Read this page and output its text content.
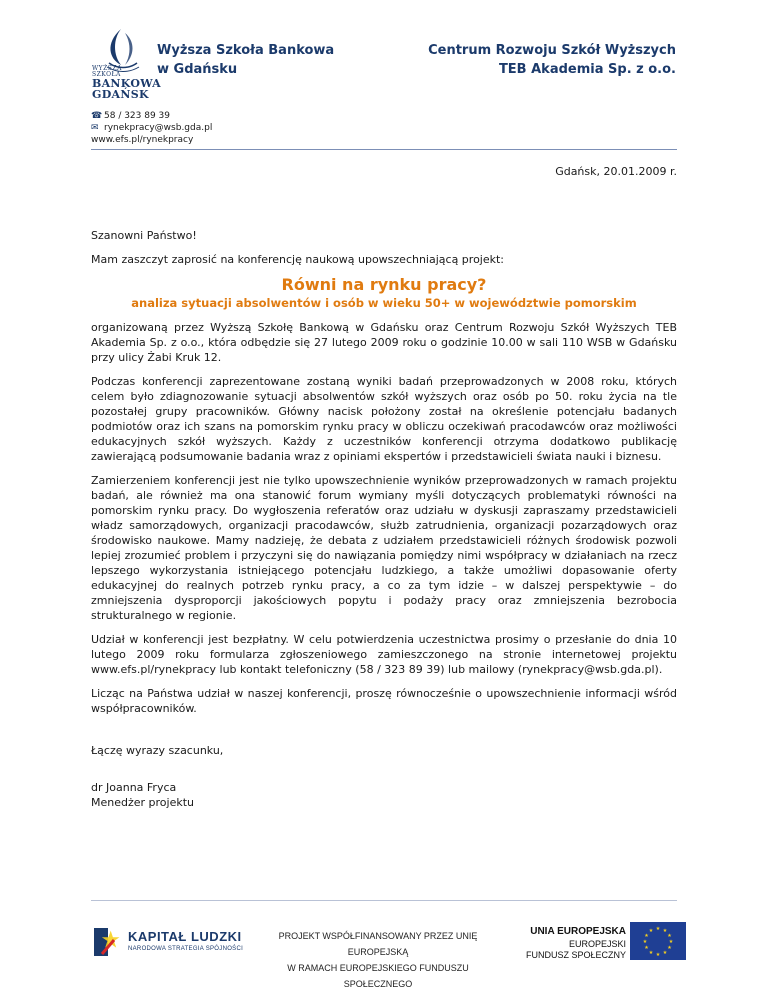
WYŻSZA SZKOŁA
BANKOWA
GDAŃSK
Wyższa Szkoła Bankowa
w Gdańsku
Centrum Rozwoju Szkół Wyższych
TEB Akademia Sp. z o.o.
☎ 58 / 323 89 39
✉ rynekpracy@wsb.gda.pl
www.efs.pl/rynekpracy
Gdańsk, 20.01.2009 r.

Szanowni Państwo!

Mam zaszczyt zaprosić na konferencję naukową upowszechniającą projekt:

Równi na rynku pracy?

analiza sytuacji absolwentów i osób w wieku 50+ w województwie pomorskim

organizowaną przez Wyższą Szkołę Bankową w Gdańsku oraz Centrum Rozwoju Szkół Wyższych TEB Akademia Sp. z o.o., która odbędzie się 27 lutego 2009 roku o godzinie 10.00 w sali 110 WSB w Gdańsku przy ulicy Żabi Kruk 12.

Podczas konferencji zaprezentowane zostaną wyniki badań przeprowadzonych w 2008 roku, których celem było zdiagnozowanie sytuacji absolwentów szkół wyższych oraz osób po 50. roku życia na tle pozostałej grupy pracowników. Główny nacisk położony został na określenie potencjału badanych podmiotów oraz ich szans na pomorskim rynku pracy w obliczu oczekiwań pracodawców oraz możliwości edukacyjnych szkół wyższych. Każdy z uczestników konferencji otrzyma dodatkowo publikację zawierającą podsumowanie badania wraz z opiniami ekspertów i przedstawicieli świata nauki i biznesu.

Zamierzeniem konferencji jest nie tylko upowszechnienie wyników przeprowadzonych w ramach projektu badań, ale również ma ona stanowić forum wymiany myśli dotyczących problematyki równości na pomorskim rynku pracy. Do wygłoszenia referatów oraz udziału w dyskusji zapraszamy przedstawicieli władz samorządowych, organizacji pracodawców, służb zatrudnienia, organizacji pozarządowych oraz środowisko naukowe. Mamy nadzieję, że debata z udziałem przedstawicieli różnych środowisk pozwoli lepiej zrozumieć problem i przyczyni się do nawiązania pomiędzy nimi współpracy w działaniach na rzecz lepszego wykorzystania istniejącego potencjału ludzkiego, a także umożliwi dopasowanie oferty edukacyjnej do realnych potrzeb rynku pracy, a co za tym idzie – w dalszej perspektywie – do zmniejszenia dysproporcji jakościowych popytu i podaży pracy oraz zmniejszenia bezrobocia strukturalnego w regionie.

Udział w konferencji jest bezpłatny. W celu potwierdzenia uczestnictwa prosimy o przesłanie do dnia 10 lutego 2009 roku formularza zgłoszeniowego zamieszczonego na stronie internetowej projektu www.efs.pl/rynekpracy lub kontakt telefoniczny (58 / 323 89 39) lub mailowy (rynekpracy@wsb.gda.pl).

Licząc na Państwa udział w naszej konferencji, proszę równocześnie o upowszechnienie informacji wśród współpracowników.

Łączę wyrazy szacunku,

dr Joanna Fryca

Menedżer projektu

KAPITAŁ LUDZKI
NARODOWA STRATEGIA SPÓJNOŚCI
PROJEKT WSPÓŁFINANSOWANY PRZEZ UNIĘ EUROPEJSKĄ
W RAMACH EUROPEJSKIEGO FUNDUSZU SPOŁECZNEGO
UNIA EUROPEJSKA
EUROPEJSKI
FUNDUSZ SPOŁECZNY
★ ★
★
★
★
★
★
★
★
★
★
★
